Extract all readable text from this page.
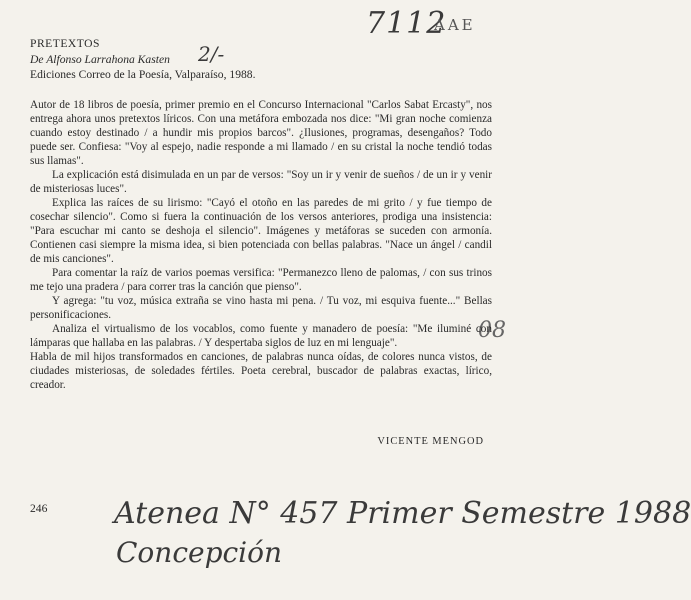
7112
AAE
2/-
08
PRETEXTOS
De Alfonso Larrahona Kasten
Ediciones Correo de la Poesía, Valparaíso, 1988.

Autor de 18 libros de poesía, primer premio en el Concurso Internacional "Carlos Sabat Ercasty", nos entrega ahora unos pretextos líricos. Con una metáfora embozada nos dice: "Mi gran noche comienza cuando estoy destinado / a hundir mis propios barcos". ¿Ilusiones, programas, desengaños? Todo puede ser. Confiesa: "Voy al espejo, nadie responde a mi llamado / en su cristal la noche tendió todas sus llamas".

La explicación está disimulada en un par de versos: "Soy un ir y venir de sueños / de un ir y venir de misteriosas luces".

Explica las raíces de su lirismo: "Cayó el otoño en las paredes de mi grito / y fue tiempo de cosechar silencio". Como si fuera la continuación de los versos anteriores, prodiga una insistencia: "Para escuchar mi canto se deshoja el silencio". Imágenes y metáforas se suceden con armonía. Contienen casi siempre la misma idea, si bien potenciada con bellas palabras. "Nace un ángel / candil de mis canciones".

Para comentar la raíz de varios poemas versifica: "Permanezco lleno de palomas, / con sus trinos me tejo una pradera / para correr tras la canción que pienso".

Y agrega: "tu voz, música extraña se vino hasta mi pena. / Tu voz, mi esquiva fuente..." Bellas personificaciones.

Analiza el virtualismo de los vocablos, como fuente y manadero de poesía: "Me iluminé con lámparas que hallaba en las palabras. / Y despertaba siglos de luz en mi lenguaje".

Habla de mil hijos transformados en canciones, de palabras nunca oídas, de colores nunca vistos, de ciudades misteriosas, de soledades fértiles. Poeta cerebral, buscador de palabras exactas, lírico, creador.

VICENTE MENGOD
246 Atenea N° 457 Primer Semestre 1988
Concepción
